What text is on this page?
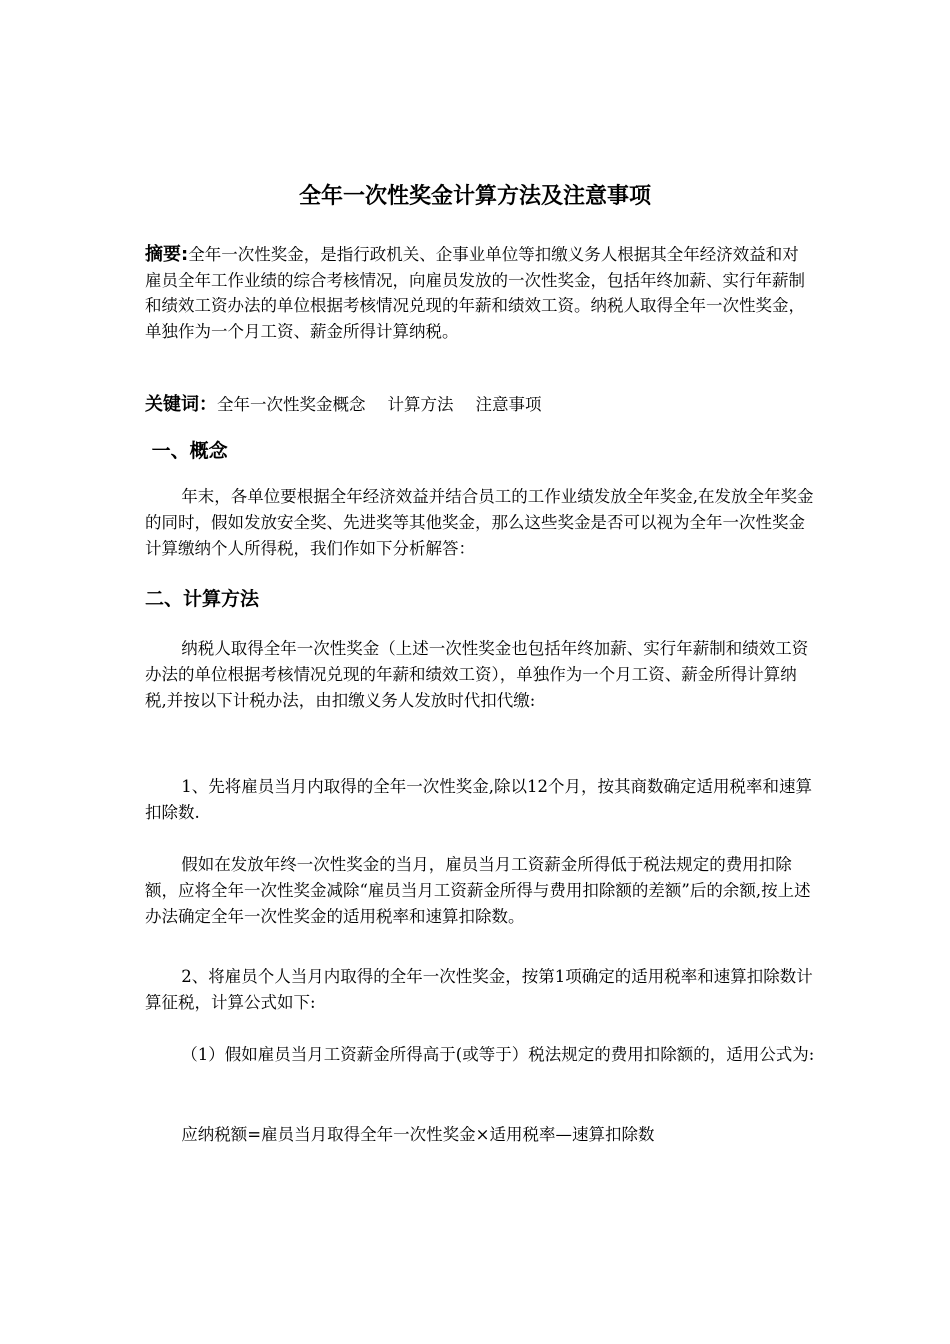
全年一次性奖金计算方法及注意事项

摘要:全年一次性奖金，是指行政机关、企事业单位等扣缴义务人根据其全年经济效益和对雇员全年工作业绩的综合考核情况，向雇员发放的一次性奖金，包括年终加薪、实行年薪制和绩效工资办法的单位根据考核情况兑现的年薪和绩效工资。纳税人取得全年一次性奖金，单独作为一个月工资、薪金所得计算纳税。

关键词：全年一次性奖金概念 计算方法 注意事项

一、概念

年末，各单位要根据全年经济效益并结合员工的工作业绩发放全年奖金,在发放全年奖金的同时，假如发放安全奖、先进奖等其他奖金，那么这些奖金是否可以视为全年一次性奖金计算缴纳个人所得税，我们作如下分析解答：

二、计算方法

纳税人取得全年一次性奖金（上述一次性奖金也包括年终加薪、实行年薪制和绩效工资办法的单位根据考核情况兑现的年薪和绩效工资），单独作为一个月工资、薪金所得计算纳税,并按以下计税办法，由扣缴义务人发放时代扣代缴:

1、先将雇员当月内取得的全年一次性奖金,除以12个月，按其商数确定适用税率和速算扣除数.

假如在发放年终一次性奖金的当月，雇员当月工资薪金所得低于税法规定的费用扣除额，应将全年一次性奖金减除“雇员当月工资薪金所得与费用扣除额的差额”后的余额,按上述办法确定全年一次性奖金的适用税率和速算扣除数。

2、将雇员个人当月内取得的全年一次性奖金，按第1项确定的适用税率和速算扣除数计算征税，计算公式如下:

（1）假如雇员当月工资薪金所得高于(或等于）税法规定的费用扣除额的，适用公式为:

应纳税额=雇员当月取得全年一次性奖金×适用税率—速算扣除数
